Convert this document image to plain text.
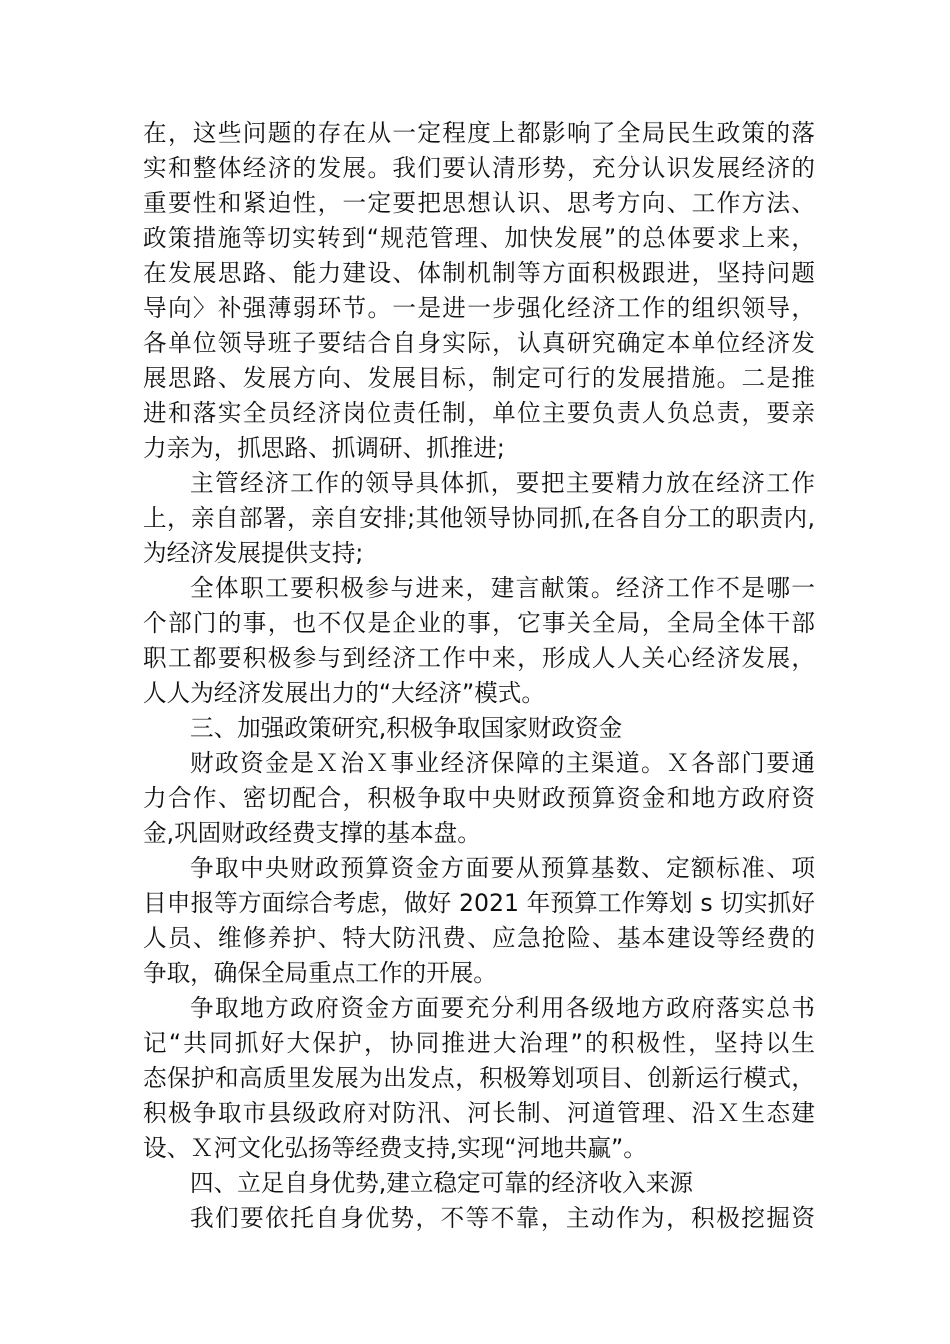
在，这些问题的存在从一定程度上都影响了全局民生政策的落
实和整体经济的发展。我们要认清形势，充分认识发展经济的
重要性和紧迫性，一定要把思想认识、思考方向、工作方法、
政策措施等切实转到“规范管理、加快发展”的总体要求上来，
在发展思路、能力建设、体制机制等方面积极跟进，坚持问题
导向〉补强薄弱环节。一是进一步强化经济工作的组织领导，
各单位领导班子要结合自身实际，认真研究确定本单位经济发
展思路、发展方向、发展目标，制定可行的发展措施。二是推
进和落实全员经济岗位责任制，单位主要负责人负总责，要亲
力亲为，抓思路、抓调研、抓推进;
主管经济工作的领导具体抓，要把主要精力放在经济工作
上，亲自部署，亲自安排;其他领导协同抓,在各自分工的职责内,
为经济发展提供支持;
全体职工要积极参与进来，建言献策。经济工作不是哪一
个部门的事，也不仅是企业的事，它事关全局，全局全体干部
职工都要积极参与到经济工作中来，形成人人关心经济发展，
人人为经济发展出力的“大经济”模式。
三、加强政策研究,积极争取国家财政资金
财政资金是Ｘ治Ｘ事业经济保障的主渠道。Ｘ各部门要通
力合作、密切配合，积极争取中央财政预算资金和地方政府资
金,巩固财政经费支撑的基本盘。
争取中央财政预算资金方面要从预算基数、定额标准、项
目申报等方面综合考虑，做好 2021 年预算工作筹划 s 切实抓好
人员、维修养护、特大防汛费、应急抢险、基本建设等经费的
争取，确保全局重点工作的开展。
争取地方政府资金方面要充分利用各级地方政府落实总书
记“共同抓好大保护，协同推进大治理”的积极性，坚持以生
态保护和高质里发展为出发点，积极筹划项目、创新运行模式，
积极争取市县级政府对防汛、河长制、河道管理、沿Ｘ生态建
设、Ｘ河文化弘扬等经费支持,实现“河地共赢”。
四、立足自身优势,建立稳定可靠的经济收入来源
我们要依托自身优势，不等不靠，主动作为，积极挖掘资
